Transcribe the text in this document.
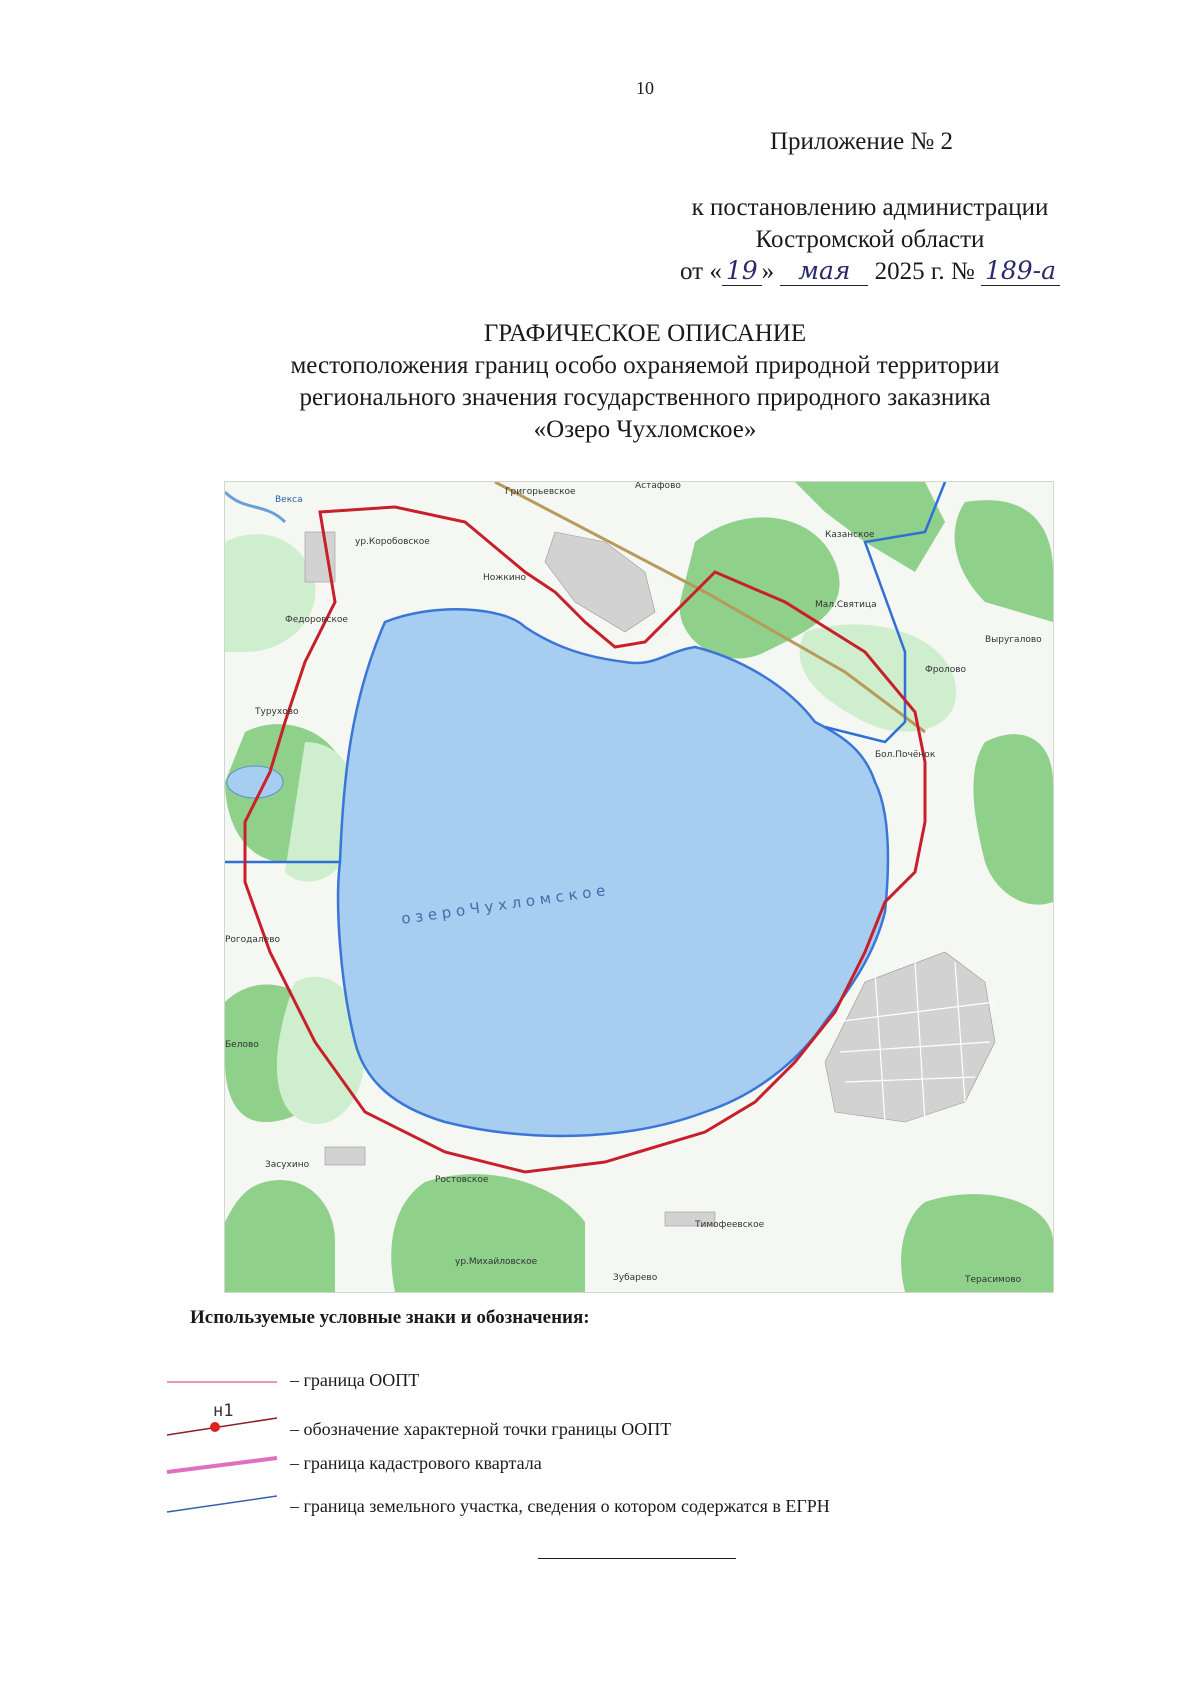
10
Приложение № 2
к постановлению администрации
Костромской области
от « 19 » мая 2025 г. № 189-а
ГРАФИЧЕСКОЕ ОПИСАНИЕ
местоположения границ особо охраняемой природной территории
регионального значения государственного природного заказника
«Озеро Чухломское»
Ножкино
Федоровское
Турухово
Белово
Тимофеевское
Зубарево
Григорьевское
Астафово
Казанское
Бол.Почёнок
Выругалово
Засухино
Рогодалево
Ростовское
ур.Коробовское
Векса
Фролово
Терасимово
ур.Михайловское
Мал.Святица
о з е р о Ч у х л о м с к о е
Используемые условные знаки и обозначения:
– граница ООПТ
н1
– обозначение характерной точки границы ООПТ
– граница кадастрового квартала
– граница земельного участка, сведения о котором содержатся в ЕГРН
